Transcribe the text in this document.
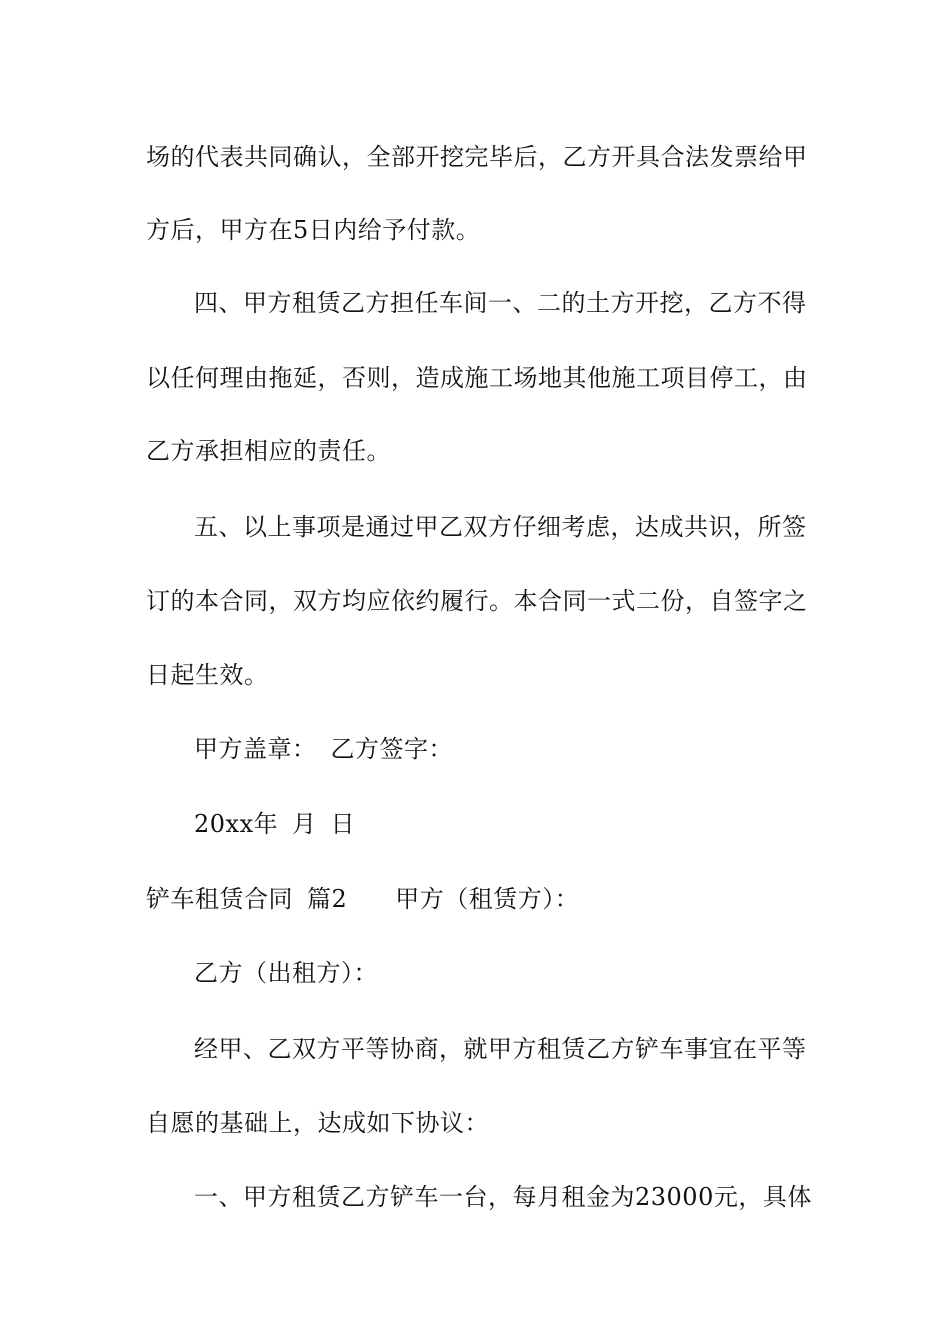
场的代表共同确认，全部开挖完毕后，乙方开具合法发票给甲
方后，甲方在5日内给予付款。
四、甲方租赁乙方担任车间一、二的土方开挖，乙方不得
以任何理由拖延，否则，造成施工场地其他施工项目停工，由
乙方承担相应的责任。
五、以上事项是通过甲乙双方仔细考虑，达成共识，所签
订的本合同，双方均应依约履行。本合同一式二份，自签字之
日起生效。
甲方盖章： 乙方签字：
20xx年 月 日
铲车租赁合同 篇2 甲方（租赁方）：
乙方（出租方）：
经甲、乙双方平等协商，就甲方租赁乙方铲车事宜在平等
自愿的基础上，达成如下协议：
一、甲方租赁乙方铲车一台，每月租金为23000元，具体
